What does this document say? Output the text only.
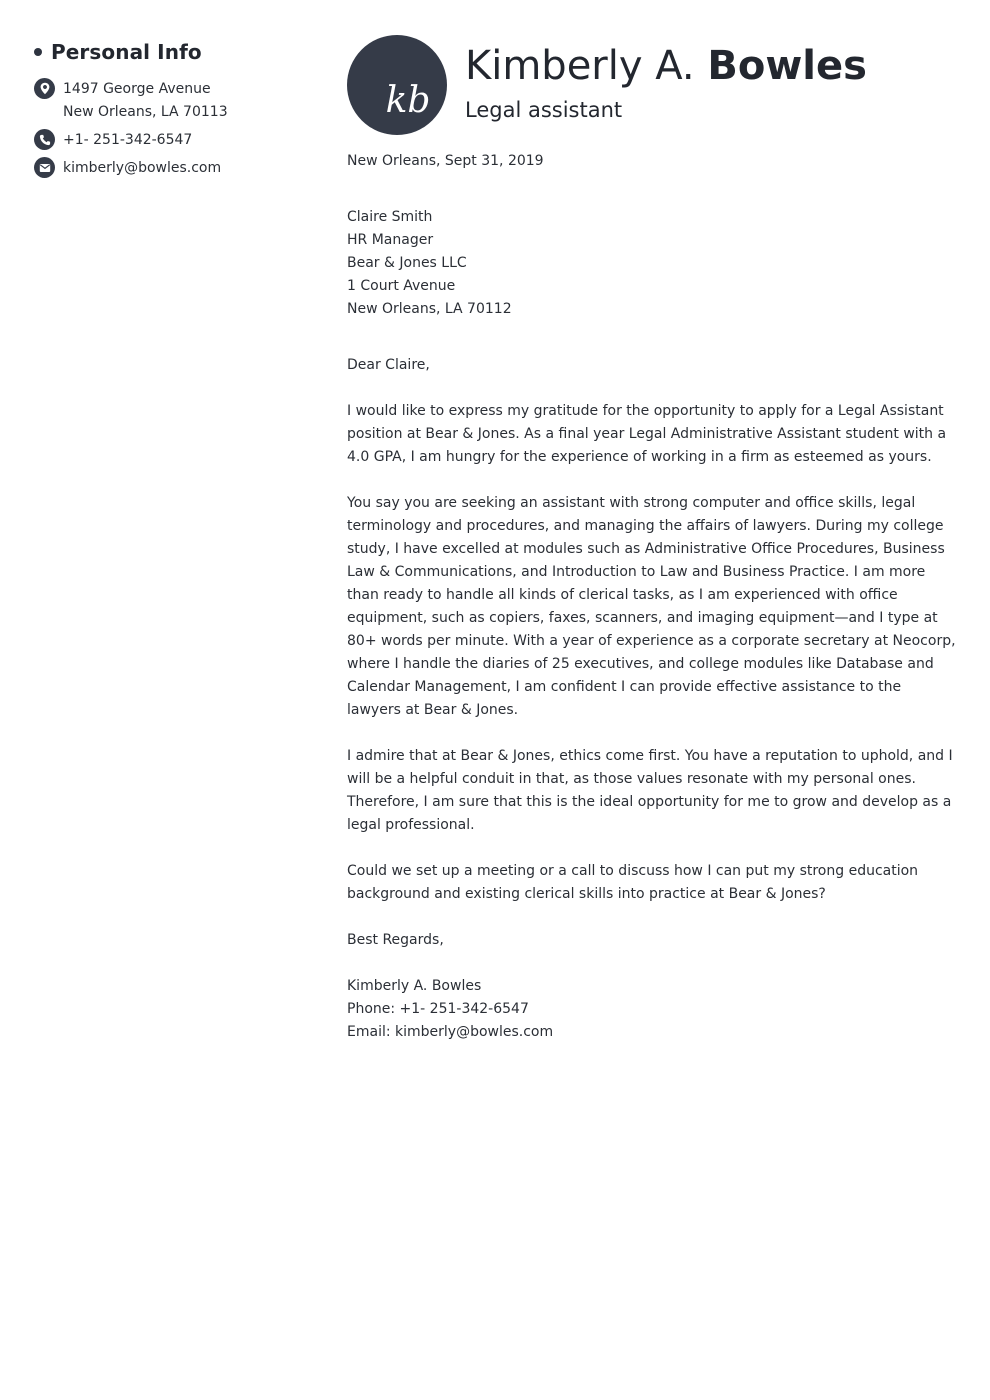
Personal Info
1497 George Avenue
New Orleans, LA 70113
+1- 251-342-6547
kimberly@bowles.com
kb
Kimberly A. Bowles
Legal assistant

New Orleans, Sept 31, 2019

Claire Smith
HR Manager
Bear & Jones LLC
1 Court Avenue
New Orleans, LA 70112

Dear Claire,

I would like to express my gratitude for the opportunity to apply for a Legal Assistant position at Bear & Jones. As a final year Legal Administrative Assistant student with a 4.0 GPA, I am hungry for the experience of working in a firm as esteemed as yours.

You say you are seeking an assistant with strong computer and office skills, legal terminology and procedures, and managing the affairs of lawyers. During my college study, I have excelled at modules such as Administrative Office Procedures, Business Law & Communications, and Introduction to Law and Business Practice. I am more than ready to handle all kinds of clerical tasks, as I am experienced with office equipment, such as copiers, faxes, scanners, and imaging equipment—and I type at 80+ words per minute. With a year of experience as a corporate secretary at Neocorp, where I handle the diaries of 25 executives, and college modules like Database and Calendar Management, I am confident I can provide effective assistance to the lawyers at Bear & Jones.

I admire that at Bear & Jones, ethics come first. You have a reputation to uphold, and I will be a helpful conduit in that, as those values resonate with my personal ones. Therefore, I am sure that this is the ideal opportunity for me to grow and develop as a legal professional.

Could we set up a meeting or a call to discuss how I can put my strong education background and existing clerical skills into practice at Bear & Jones?

Best Regards,

Kimberly A. Bowles
Phone: +1- 251-342-6547
Email: kimberly@bowles.com
